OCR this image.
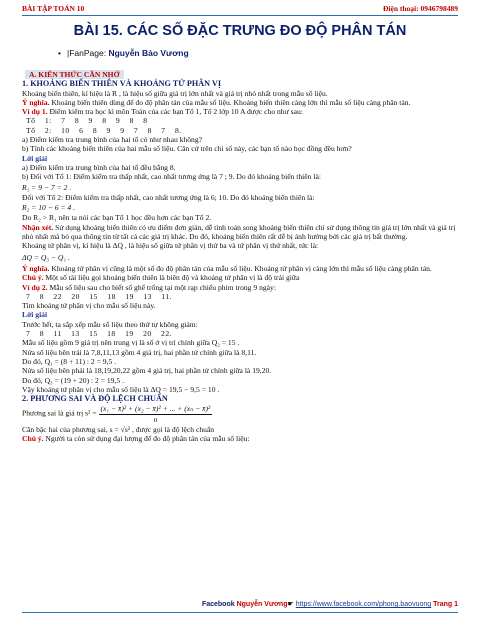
BÀI TẬP TOÁN 10	Điện thoại: 0946798489
BÀI 15. CÁC SỐ ĐẶC TRƯNG ĐO ĐỘ PHÂN TÁN
• |FanPage: Nguyễn Bảo Vương

A. KIẾN THỨC CẦN NHỚ

1. KHOẢNG BIẾN THIÊN VÀ KHOẢNG TỨ PHÂN VỊ

Khoảng biến thiên, kí hiệu là R , là hiệu số giữa giá trị lớn nhất và giá trị nhỏ nhất trong mẫu số liệu.

Ý nghĩa. Khoảng biến thiên dùng để đo độ phân tán của mẫu số liệu. Khoảng biến thiên càng lớn thì mẫu số liệu càng phân tán.

Ví dụ 1. Điểm kiểm tra học kì môn Toán của các bạn Tổ 1, Tổ 2 lớp 10 A được cho như sau:

Tổ 1: 7 8 9 8 9 8 8

Tổ 2: 10 6 8 9 9 7 8 7 8.

a) Điểm kiểm tra trung bình của hai tổ có như nhau không?

b) Tính các khoảng biến thiên của hai mẫu số liệu. Căn cứ trên chỉ số này, các bạn tổ nào học đồng đều hơn?

Lời giải

a) Điểm kiểm tra trung bình của hai tổ đều bằng 8.

b) Đối với Tổ 1: Điểm kiểm tra thấp nhất, cao nhất tương ứng là 7 ; 9. Do đó khoảng biến thiên là:

R₁ = 9 − 7 = 2 .

Đối với Tổ 2: Điểm kiểm tra thấp nhất, cao nhất tương ứng là 6; 10. Do đó khoảng biến thiên là:

R₂ = 10 − 6 = 4 .

Do R₂ > R₁ nên ta nói các bạn Tổ 1 học đều hơn các bạn Tổ 2.

Nhận xét. Sử dụng khoảng biến thiên có ưu điểm đơn giản, dễ tính toán song khoảng biến thiên chỉ sử dụng thông tin giá trị lớn nhất và giá trị nhỏ nhất mà bỏ qua thông tin từ tất cả các giá trị khác. Do đó, khoảng biến thiên rất dễ bị ảnh hưởng bởi các giá trị bất thường.

Khoảng tứ phân vị, kí hiệu là ΔQ , là hiệu số giữa tứ phân vị thứ ba và tứ phân vị thứ nhất, tức là:

ΔQ = Q₃ − Q₁ .

Ý nghĩa. Khoảng tứ phân vị cũng là một số đo độ phân tán của mẫu số liệu. Khoảng tứ phân vị càng lớn thì mẫu số liệu càng phân tán.

Chú ý. Một số tài liệu gọi khoảng biến thiên là biên độ và khoảng tứ phân vị là độ trải giữa

Ví dụ 2. Mẫu số liệu sau cho biết số ghế trống tại một rạp chiếu phim trong 9 ngày:

7 8 22 20 15 18 19 13 11.

Tìm khoảng tứ phân vị cho mẫu số liệu này.

Lời giải

Trước hết, ta sắp xếp mẫu số liệu theo thứ tự không giảm:

7 8 11 13 15 18 19 20 22.

Mẫu số liệu gồm 9 giá trị nên trung vị là số ở vị trí chính giữa Q₂ = 15 .

Nửa số liệu bên trái là 7,8,11,13 gồm 4 giá trị, hai phần tử chính giữa là 8,11.

Do đó, Q₁ = (8 + 11) : 2 = 9,5 .

Nửa số liệu bên phải là 18,19,20,22 gồm 4 giá trị, hai phần tử chính giữa là 19,20.

Do đó, Q₃ = (19 + 20) : 2 = 19,5 .

Vậy khoảng tứ phân vị cho mẫu số liệu là ΔQ = 19,5 − 9,5 = 10 .

2. PHƯƠNG SAI VÀ ĐỘ LỆCH CHUẨN

Phương sai là giá trị $s^2 = \frac{\text{(x₁ − x̄)² + (x₂ − x̄)² + ... + (xₙ − x̄)²}}{n}$

Căn bậc hai của phương sai, s = √s² , được gọi là độ lệch chuẩn

Chú ý. Người ta còn sử dụng đại lượng để đo độ phân tán của mẫu số liệu:

Facebook Nguyễn Vương☛ https://www.facebook.com/phong.baovuong Trang 1
